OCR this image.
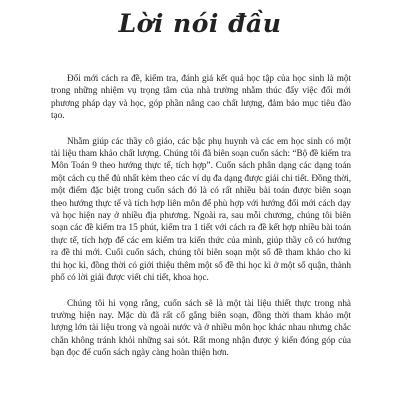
Lời nói đầu

Đổi mới cách ra đề, kiểm tra, đánh giá kết quả học tập của học sinh là một trong những nhiệm vụ trọng tâm của nhà trường nhằm thúc đẩy việc đổi mới phương pháp dạy và học, góp phần nâng cao chất lượng, đảm bảo mục tiêu đào tạo.

Nhằm giúp các thầy cô giáo, các bậc phụ huynh và các em học sinh có một tài liệu tham khảo chất lượng. Chúng tôi đã biên soạn cuốn sách: “Bộ đề kiểm tra Môn Toán 9 theo hướng thực tế, tích hợp”. Cuốn sách phân dạng các dạng toán một cách cụ thể đủ nhất kèm theo các ví dụ đa dạng được giải chi tiết. Đồng thời, một điểm đặc biệt trong cuốn sách đó là có rất nhiều bài toán được biên soạn theo hướng thực tế và tích hợp liên môn để phù hợp với hướng đổi mới cách dạy và học hiện nay ở nhiều địa phương. Ngoài ra, sau mỗi chương, chúng tôi biên soạn các đề kiểm tra 15 phút, kiểm tra 1 tiết với cách ra đề kết hợp nhiều bài toán thực tế, tích hợp để các em kiểm tra kiến thức của mình, giúp thầy cô có hướng ra đề thi mới. Cuối cuốn sách, chúng tôi biên soạn một số đề tham khảo cho kì thi học kì, đồng thời có giới thiệu thêm một số đề thi học kì ở một số quận, thành phố có lời giải được viết chi tiết, khoa học.

Chúng tôi hi vọng rằng, cuốn sách sẽ là một tài liệu thiết thực trong nhà trường hiện nay. Mặc dù đã rất cố gắng biên soạn, đồng thời tham khảo một lượng lớn tài liệu trong và ngoài nước và ở nhiều môn học khác nhau nhưng chắc chắn không tránh khỏi những sai sót. Rất mong nhận được ý kiến đóng góp của bạn đọc để cuốn sách ngày càng hoàn thiện hơn.
